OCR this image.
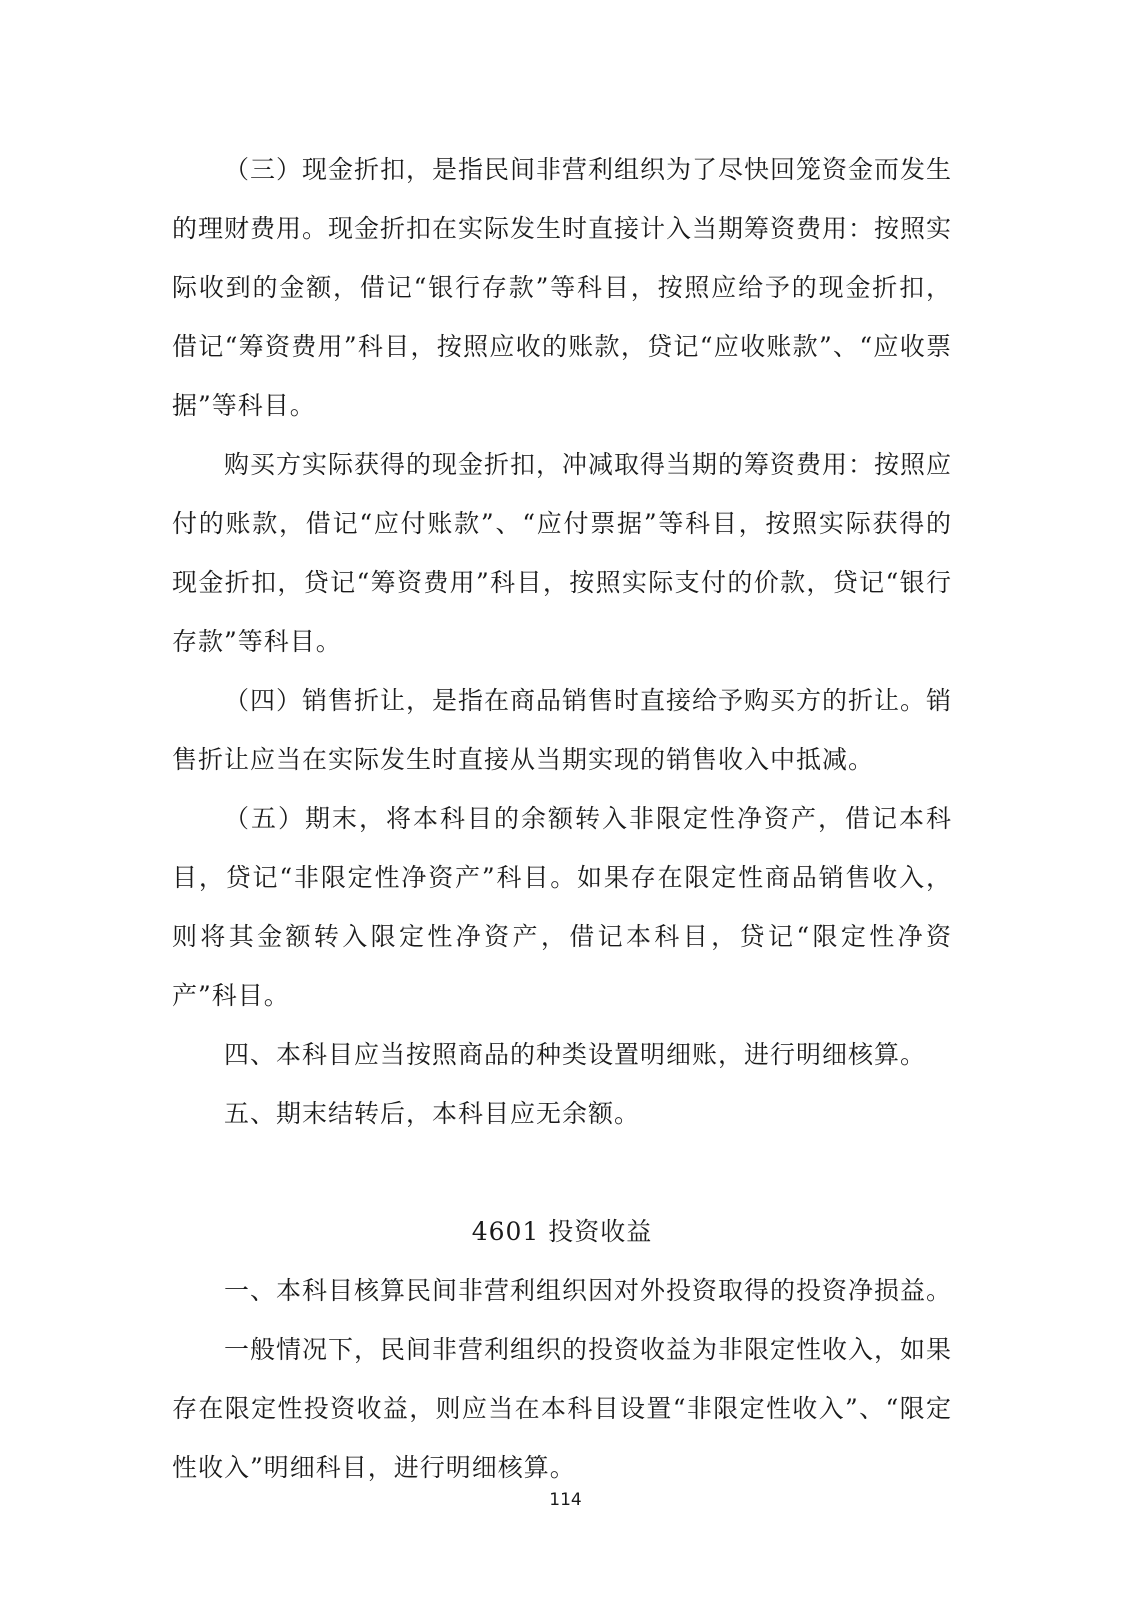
（三）现金折扣，是指民间非营利组织为了尽快回笼资金而发生的理财费用。现金折扣在实际发生时直接计入当期筹资费用：按照实际收到的金额，借记“银行存款”等科目，按照应给予的现金折扣，借记“筹资费用”科目，按照应收的账款，贷记“应收账款”、“应收票据”等科目。

购买方实际获得的现金折扣，冲减取得当期的筹资费用：按照应付的账款，借记“应付账款”、“应付票据”等科目，按照实际获得的现金折扣，贷记“筹资费用”科目，按照实际支付的价款，贷记“银行存款”等科目。

（四）销售折让，是指在商品销售时直接给予购买方的折让。销售折让应当在实际发生时直接从当期实现的销售收入中抵减。

（五）期末，将本科目的余额转入非限定性净资产，借记本科目，贷记“非限定性净资产”科目。如果存在限定性商品销售收入，则将其金额转入限定性净资产，借记本科目，贷记“限定性净资产”科目。

四、本科目应当按照商品的种类设置明细账，进行明细核算。

五、期末结转后，本科目应无余额。

4601 投资收益

一、本科目核算民间非营利组织因对外投资取得的投资净损益。

一般情况下，民间非营利组织的投资收益为非限定性收入，如果存在限定性投资收益，则应当在本科目设置“非限定性收入”、“限定性收入”明细科目，进行明细核算。

114
